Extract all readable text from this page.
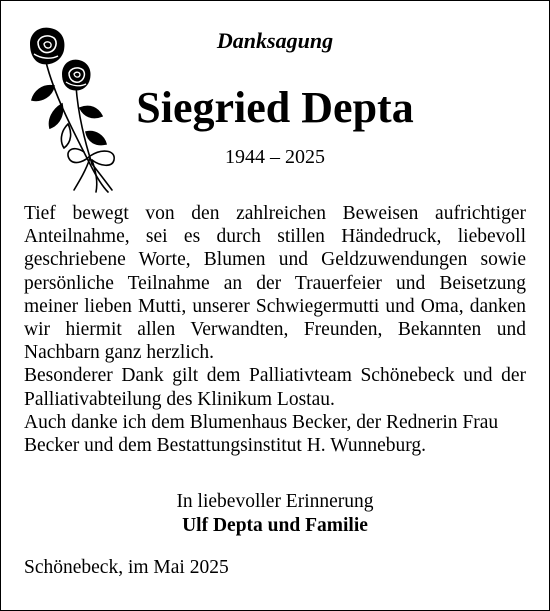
Danksagung
Siegried Depta
1944 – 2025

Tief bewegt von den zahlreichen Beweisen aufrichtiger Anteilnahme, sei es durch stillen Händedruck, liebevoll geschriebene Worte, Blumen und Geldzuwendungen sowie persönliche Teilnahme an der Trauerfeier und Beisetzung meiner lieben Mutti, unserer Schwiegermutti und Oma, danken wir hiermit allen Verwandten, Freunden, Bekannten und Nachbarn ganz herzlich.

Besonderer Dank gilt dem Palliativteam Schönebeck und der Palliativabteilung des Klinikum Lostau.

Auch danke ich dem Blumenhaus Becker, der Rednerin Frau Becker und dem Bestattungsinstitut H. Wunneburg.

In liebevoller Erinnerung
Ulf Depta und Familie
Schönebeck, im Mai 2025
